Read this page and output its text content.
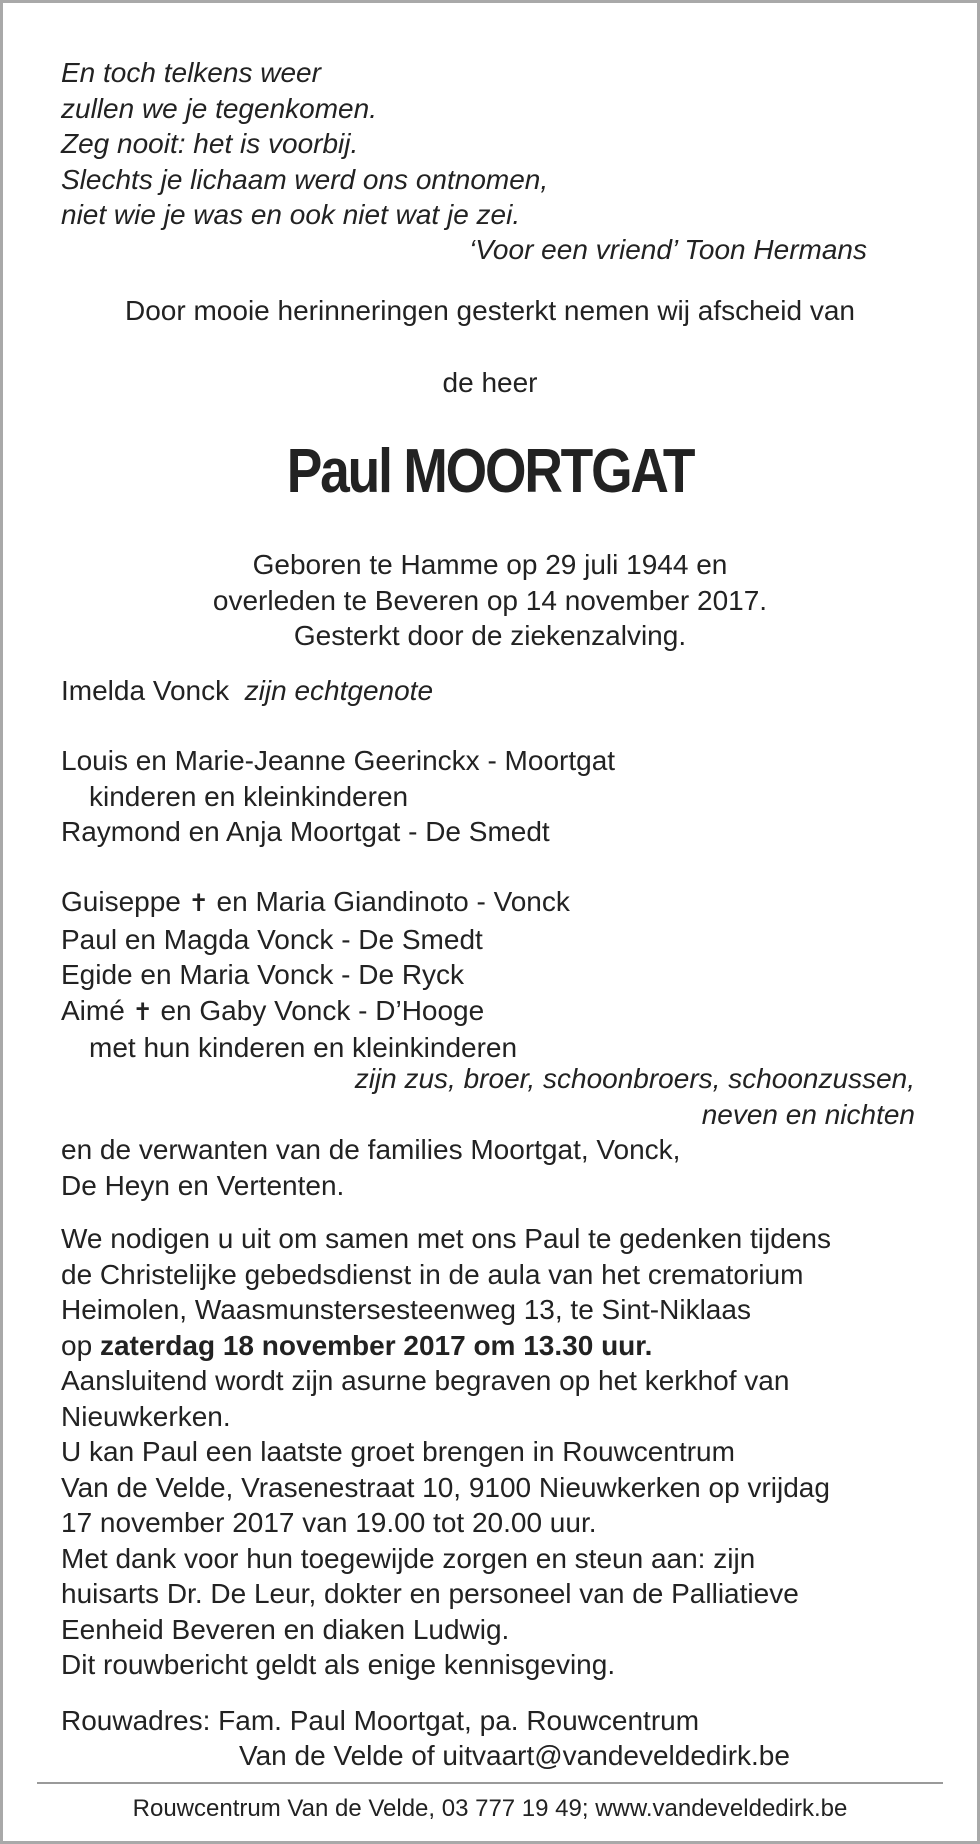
En toch telkens weer
zullen we je tegenkomen.
Zeg nooit: het is voorbij.
Slechts je lichaam werd ons ontnomen,
niet wie je was en ook niet wat je zei.

‘Voor een vriend’ Toon Hermans

Door mooie herinneringen gesterkt nemen wij afscheid van

de heer

Paul MOORTGAT

Geboren te Hamme op 29 juli 1944 en
overleden te Beveren op 14 november 2017.
Gesterkt door de ziekenzalving.

Imelda Vonck zijn echtgenote

Louis en Marie-Jeanne Geerinckx - Moortgat
kinderen en kleinkinderen
Raymond en Anja Moortgat - De Smedt
Guiseppe ✝ en Maria Giandinoto - Vonck
Paul en Magda Vonck - De Smedt
Egide en Maria Vonck - De Ryck
Aimé ✝ en Gaby Vonck - D’Hooge
met hun kinderen en kleinkinderen
zijn zus, broer, schoonbroers, schoonzussen,
neven en nichten
en de verwanten van de families Moortgat, Vonck,
De Heyn en Vertenten.
We nodigen u uit om samen met ons Paul te gedenken tijdens
de Christelijke gebedsdienst in de aula van het crematorium
Heimolen, Waasmunstersesteenweg 13, te Sint-Niklaas
op zaterdag 18 november 2017 om 13.30 uur.
Aansluitend wordt zijn asurne begraven op het kerkhof van
Nieuwkerken.
U kan Paul een laatste groet brengen in Rouwcentrum
Van de Velde, Vrasenestraat 10, 9100 Nieuwkerken op vrijdag
17 november 2017 van 19.00 tot 20.00 uur.
Met dank voor hun toegewijde zorgen en steun aan: zijn
huisarts Dr. De Leur, dokter en personeel van de Palliatieve
Eenheid Beveren en diaken Ludwig.
Dit rouwbericht geldt als enige kennisgeving.

Rouwadres: Fam. Paul Moortgat, pa. Rouwcentrum

Van de Velde of uitvaart@vandeveldedirk.be

Rouwcentrum Van de Velde, 03 777 19 49; www.vandeveldedirk.be
